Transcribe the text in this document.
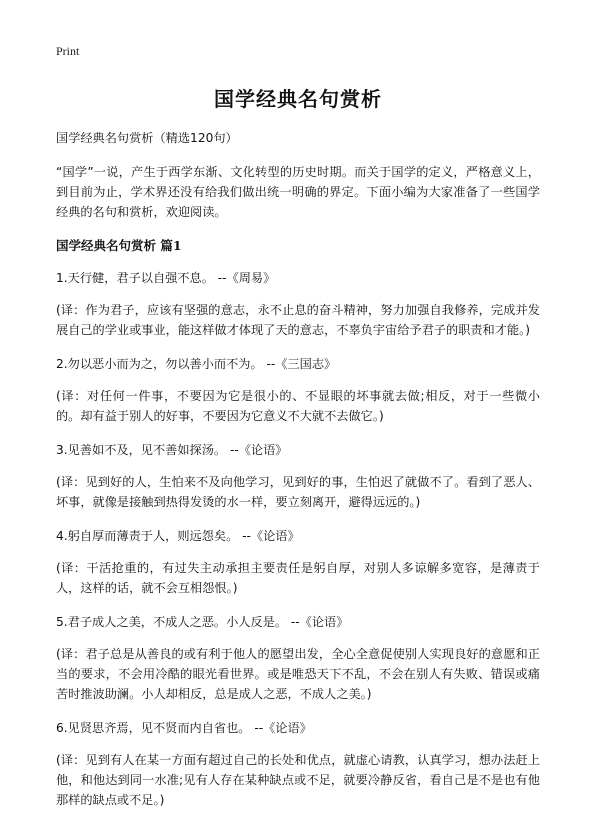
Print
国学经典名句赏析
国学经典名句赏析（精选120句）
“国学”一说，产生于西学东渐、文化转型的历史时期。而关于国学的定义，严格意义上，到目前为止，学术界还没有给我们做出统一明确的界定。下面小编为大家准备了一些国学经典的名句和赏析，欢迎阅读。
国学经典名句赏析 篇1
1.天行健，君子以自强不息。 --《周易》
(译：作为君子，应该有坚强的意志，永不止息的奋斗精神，努力加强自我修养，完成并发展自己的学业或事业，能这样做才体现了天的意志，不辜负宇宙给予君子的职责和才能。)
2.勿以恶小而为之，勿以善小而不为。 --《三国志》
(译：对任何一件事，不要因为它是很小的、不显眼的坏事就去做;相反，对于一些微小的。却有益于别人的好事，不要因为它意义不大就不去做它。)
3.见善如不及，见不善如探汤。 --《论语》
(译：见到好的人，生怕来不及向他学习，见到好的事，生怕迟了就做不了。看到了恶人、坏事，就像是接触到热得发烫的水一样，要立刻离开，避得远远的。)
4.躬自厚而薄责于人，则远怨矣。 --《论语》
(译：干活抢重的，有过失主动承担主要责任是躬自厚，对别人多谅解多宽容，是薄责于人，这样的话，就不会互相怨恨。)
5.君子成人之美，不成人之恶。小人反是。 --《论语》
(译：君子总是从善良的或有利于他人的愿望出发，全心全意促使别人实现良好的意愿和正当的要求，不会用冷酷的眼光看世界。或是唯恐天下不乱，不会在别人有失败、错误或痛苦时推波助澜。小人却相反，总是成人之恶，不成人之美。)
6.见贤思齐焉，见不贤而内自省也。 --《论语》
(译：见到有人在某一方面有超过自己的长处和优点，就虚心请教，认真学习，想办法赶上他，和他达到同一水准;见有人存在某种缺点或不足，就要冷静反省，看自己是不是也有他那样的缺点或不足。)
